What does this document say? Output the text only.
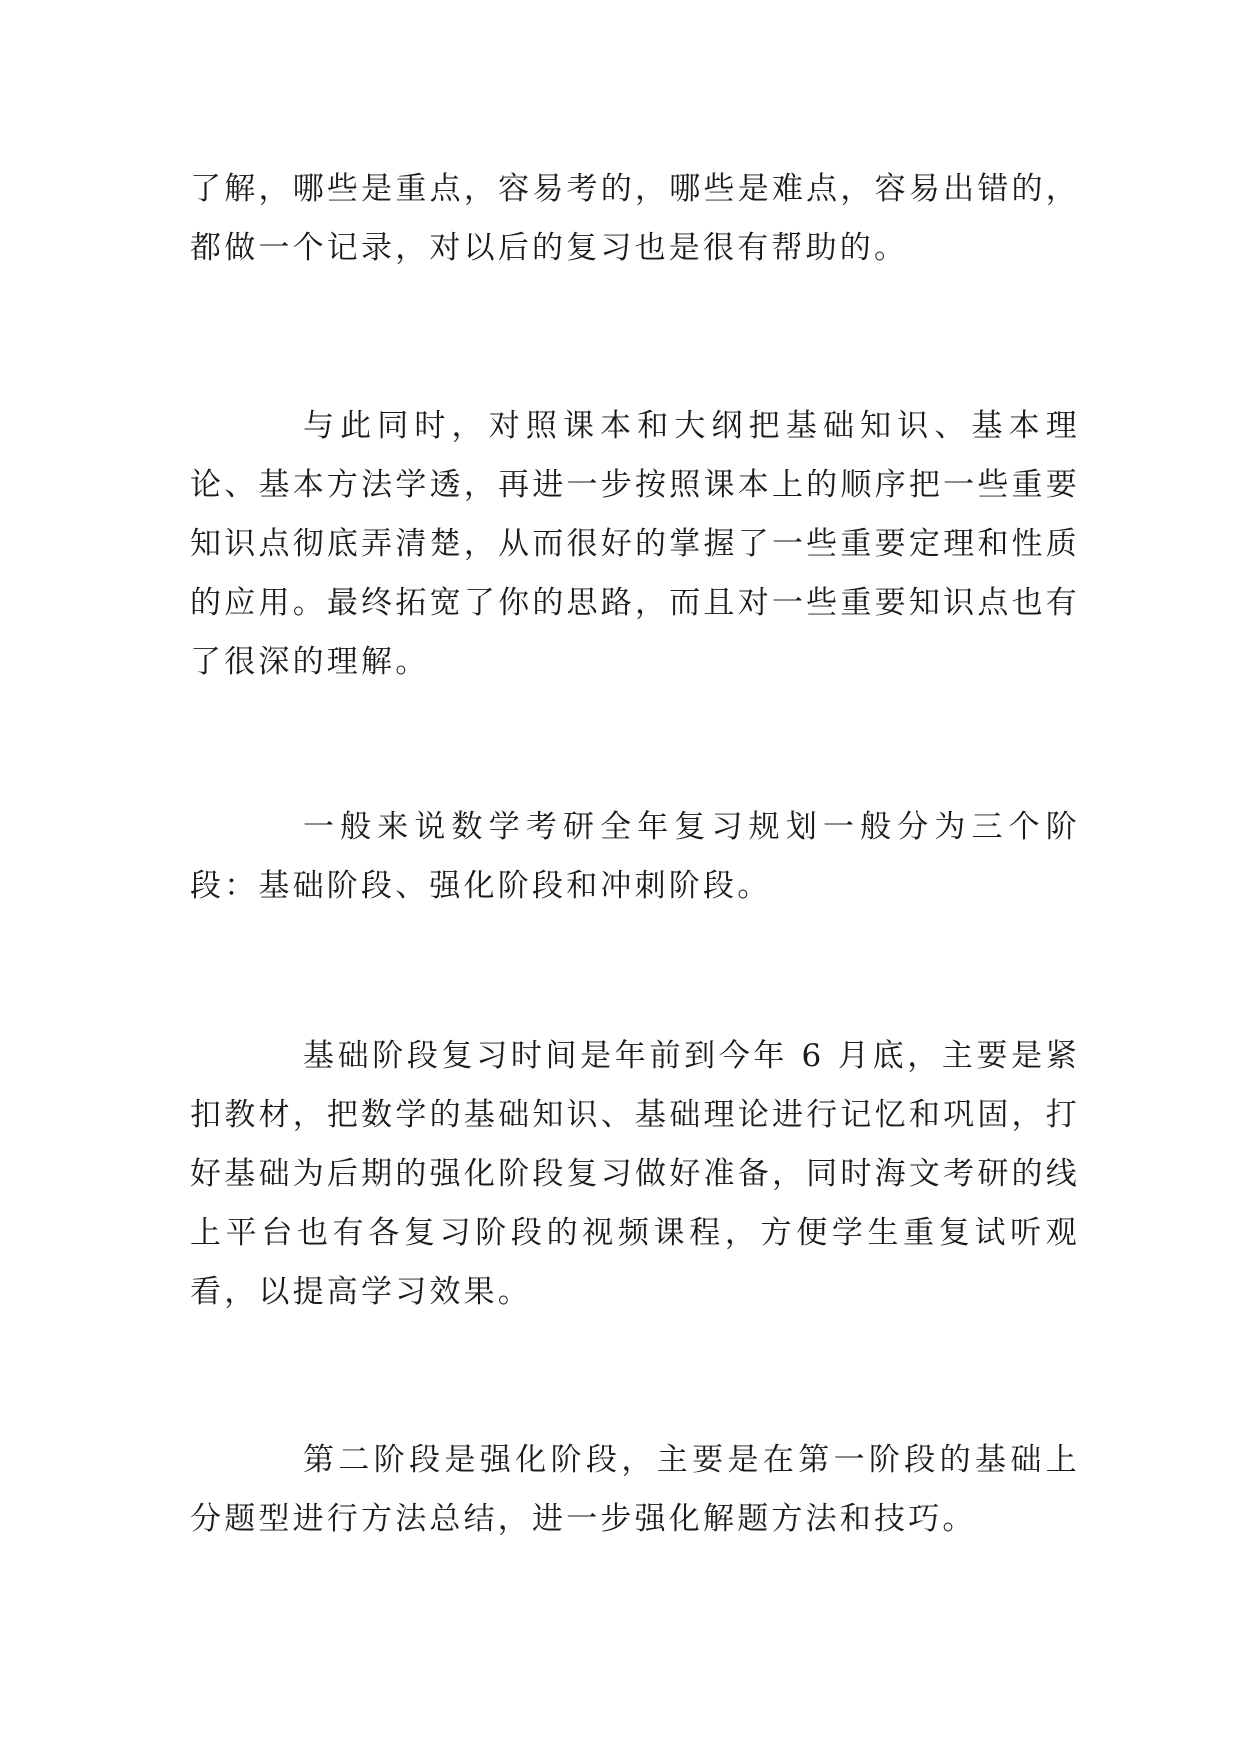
了解，哪些是重点，容易考的，哪些是难点，容易出错的，都做一个记录，对以后的复习也是很有帮助的。

与此同时，对照课本和大纲把基础知识、基本理论、基本方法学透，再进一步按照课本上的顺序把一些重要知识点彻底弄清楚，从而很好的掌握了一些重要定理和性质的应用。最终拓宽了你的思路，而且对一些重要知识点也有了很深的理解。

一般来说数学考研全年复习规划一般分为三个阶段：基础阶段、强化阶段和冲刺阶段。

基础阶段复习时间是年前到今年 6 月底，主要是紧扣教材，把数学的基础知识、基础理论进行记忆和巩固，打好基础为后期的强化阶段复习做好准备，同时海文考研的线上平台也有各复习阶段的视频课程，方便学生重复试听观看，以提高学习效果。

第二阶段是强化阶段，主要是在第一阶段的基础上分题型进行方法总结，进一步强化解题方法和技巧。
